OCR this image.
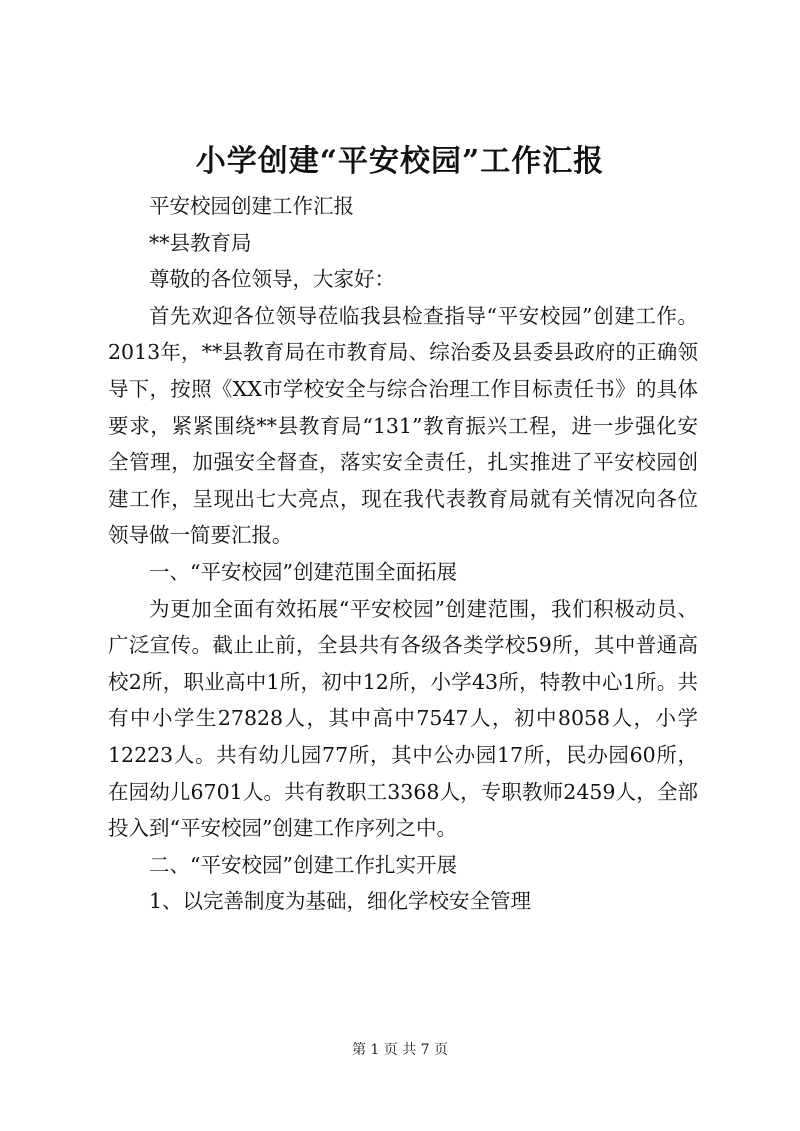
小学创建“平安校园”工作汇报

平安校园创建工作汇报

**县教育局

尊敬的各位领导，大家好：

首先欢迎各位领导莅临我县检查指导“平安校园”创建工作。2013年，**县教育局在市教育局、综治委及县委县政府的正确领导下，按照《XX市学校安全与综合治理工作目标责任书》的具体要求，紧紧围绕**县教育局“131”教育振兴工程，进一步强化安全管理，加强安全督查，落实安全责任，扎实推进了平安校园创建工作，呈现出七大亮点，现在我代表教育局就有关情况向各位领导做一简要汇报。

一、“平安校园”创建范围全面拓展

为更加全面有效拓展“平安校园”创建范围，我们积极动员、广泛宣传。截止止前，全县共有各级各类学校59所，其中普通高校2所，职业高中1所，初中12所，小学43所，特教中心1所。共有中小学生27828人，其中高中7547人，初中8058人，小学12223人。共有幼儿园77所，其中公办园17所，民办园60所，在园幼儿6701人。共有教职工3368人，专职教师2459人，全部投入到“平安校园”创建工作序列之中。

二、“平安校园”创建工作扎实开展

1、以完善制度为基础，细化学校安全管理

第 1 页 共 7 页
